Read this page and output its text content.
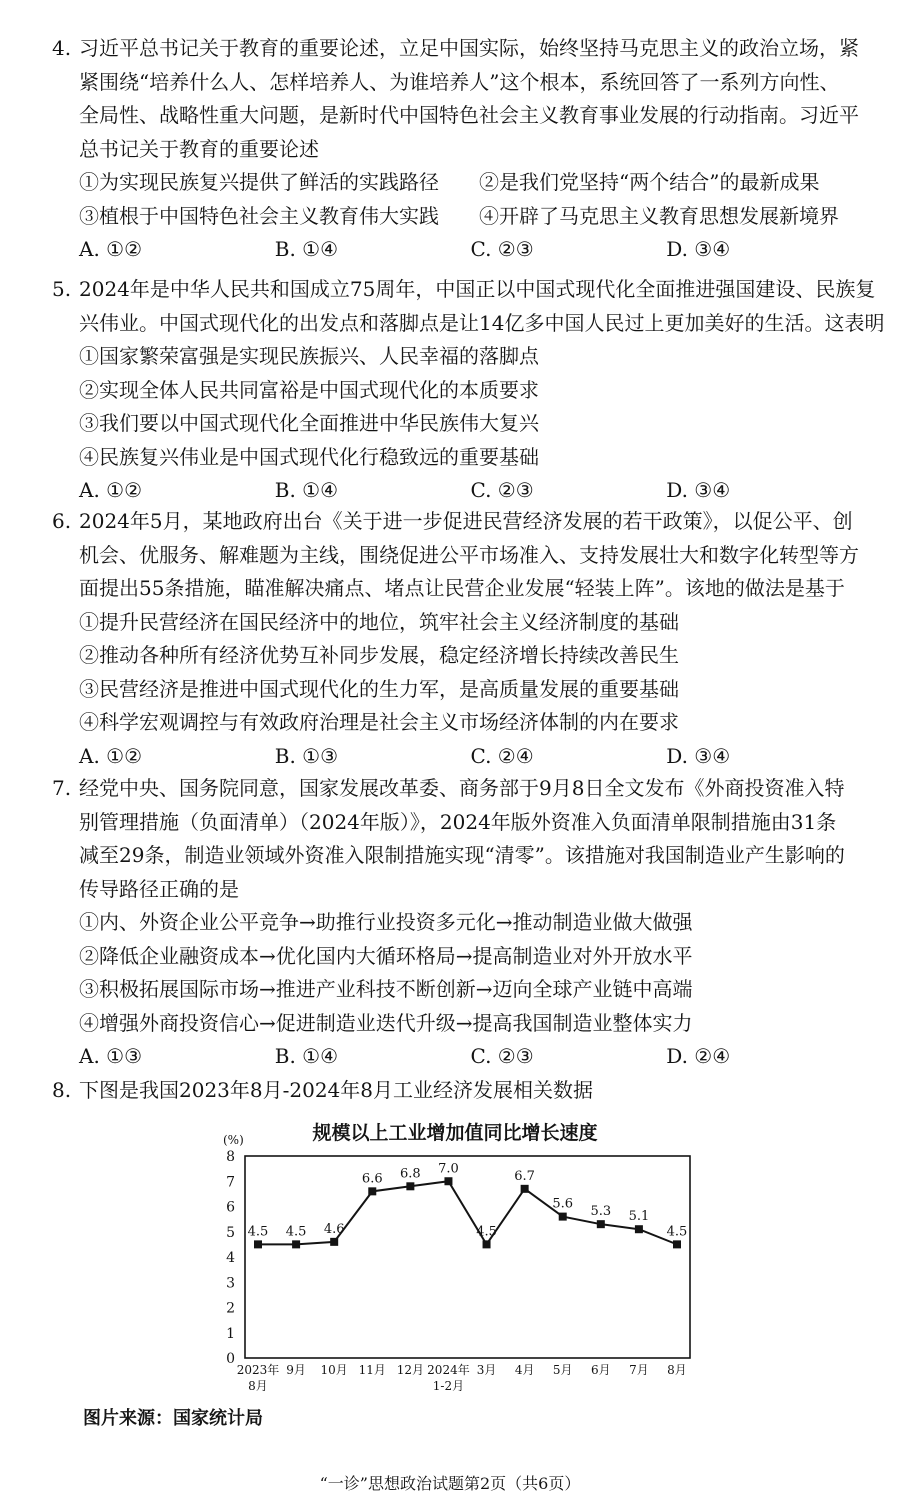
4. 习近平总书记关于教育的重要论述，立足中国实际，始终坚持马克思主义的政治立场，紧
紧围绕“培养什么人、怎样培养人、为谁培养人”这个根本，系统回答了一系列方向性、
全局性、战略性重大问题，是新时代中国特色社会主义教育事业发展的行动指南。习近平
总书记关于教育的重要论述
①为实现民族复兴提供了鲜活的实践路径	②是我们党坚持“两个结合”的最新成果
③植根于中国特色社会主义教育伟大实践	④开辟了马克思主义教育思想发展新境界
A. ①②	B. ①④	C. ②③	D. ③④
5. 2024年是中华人民共和国成立75周年，中国正以中国式现代化全面推进强国建设、民族复
兴伟业。中国式现代化的出发点和落脚点是让14亿多中国人民过上更加美好的生活。这表明
①国家繁荣富强是实现民族振兴、人民幸福的落脚点
②实现全体人民共同富裕是中国式现代化的本质要求
③我们要以中国式现代化全面推进中华民族伟大复兴
④民族复兴伟业是中国式现代化行稳致远的重要基础
A. ①②	B. ①④	C. ②③	D. ③④
6. 2024年5月，某地政府出台《关于进一步促进民营经济发展的若干政策》，以促公平、创
机会、优服务、解难题为主线，围绕促进公平市场准入、支持发展壮大和数字化转型等方
面提出55条措施，瞄准解决痛点、堵点让民营企业发展“轻装上阵”。该地的做法是基于
①提升民营经济在国民经济中的地位，筑牢社会主义经济制度的基础
②推动各种所有经济优势互补同步发展，稳定经济增长持续改善民生
③民营经济是推进中国式现代化的生力军，是高质量发展的重要基础
④科学宏观调控与有效政府治理是社会主义市场经济体制的内在要求
A. ①②	B. ①③	C. ②④	D. ③④
7. 经党中央、国务院同意，国家发展改革委、商务部于9月8日全文发布《外商投资准入特
别管理措施（负面清单）（2024年版）》，2024年版外资准入负面清单限制措施由31条
减至29条，制造业领域外资准入限制措施实现“清零”。该措施对我国制造业产生影响的
传导路径正确的是
①内、外资企业公平竞争→助推行业投资多元化→推动制造业做大做强
②降低企业融资成本→优化国内大循环格局→提高制造业对外开放水平
③积极拓展国际市场→推进产业科技不断创新→迈向全球产业链中高端
④增强外商投资信心→促进制造业迭代升级→提高我国制造业整体实力
A. ①③	B. ①④	C. ②③	D. ②④
8. 下图是我国2023年8月-2024年8月工业经济发展相关数据
0
1
2
3
4
5
6
7
8
4.5 4.5 4.6
6.6 6.8 7.0
4.5
6.7
5.6
5.3 5.1
4.5
2023年
8月
9月 10月 11月 12月 2024年
1-2月
3月 4月 5月 6月 7月 8月
规模以上工业增加值同比增长速度
(%)
图片来源：国家统计局
“一诊”思想政治试题第2页（共6页）
